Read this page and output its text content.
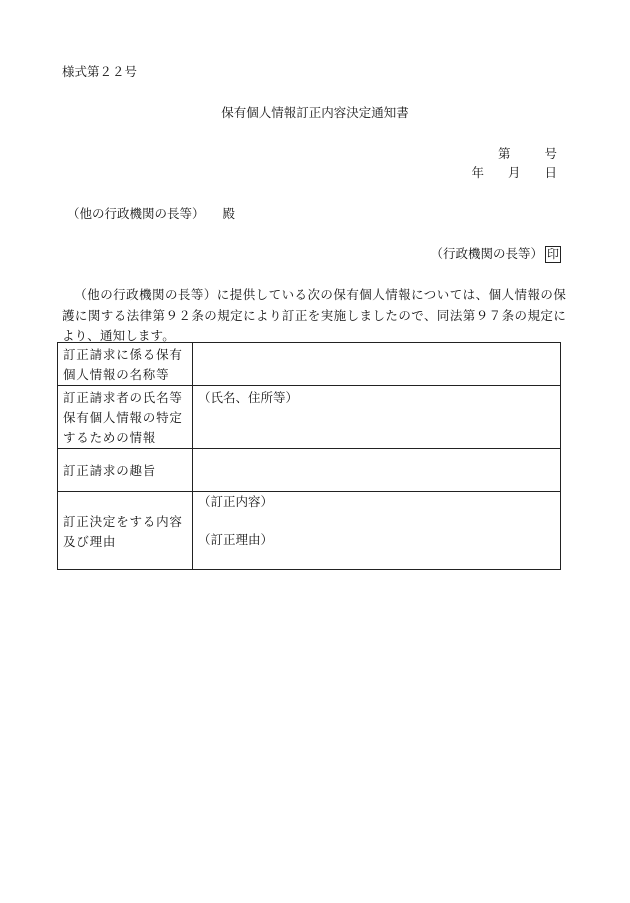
様式第２２号
保有個人情報訂正内容決定通知書
第	号
年 月 日
（他の行政機関の長等） 殿
（行政機関の長等） 印
（他の行政機関の長等）に提供している次の保有個人情報については、個人情報の保護に関する法律第９２条の規定により訂正を実施しましたので、同法第９７条の規定により、通知します。
訂正請求に係る保有個人情報の名称等	
訂正請求者の氏名等保有個人情報の特定するための情報	（氏名、住所等）
訂正請求の趣旨	
訂正決定をする内容及び理由	（訂正内容）
（訂正理由）
